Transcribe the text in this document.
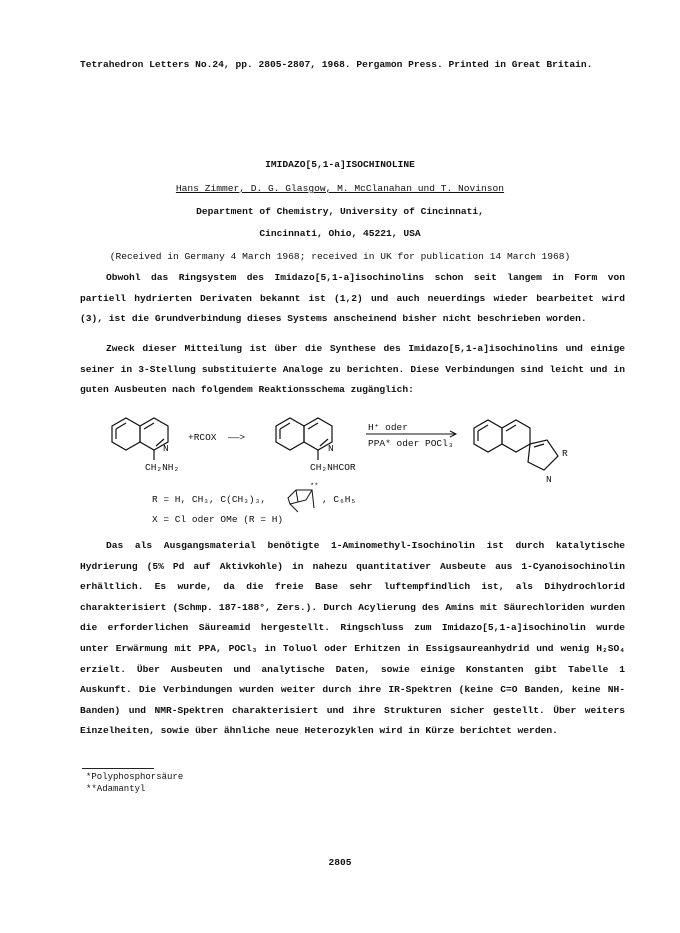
Tetrahedron Letters No.24, pp. 2805-2807, 1968. Pergamon Press. Printed in Great Britain.
IMIDAZO[5,1-a]ISOCHINOLINE
Hans Zimmer, D. G. Glasgow, M. McClanahan und T. Novinson
Department of Chemistry, University of Cincinnati,
Cincinnati, Ohio, 45221, USA
(Received in Germany 4 March 1968; received in UK for publication 14 March 1968)

Obwohl das Ringsystem des Imidazo[5,1-a]isochinolins schon seit langem in Form von partiell hydrierten Derivaten bekannt ist (1,2) und auch neuerdings wieder bearbeitet wird (3), ist die Grundverbindung dieses Systems anscheinend bisher nicht beschrieben worden.

Zweck dieser Mitteilung ist über die Synthese des Imidazo[5,1-a]isochinolins und einige seiner in 3-Stellung substituierte Analoge zu berichten. Diese Verbindungen sind leicht und in guten Ausbeuten nach folgendem Reaktionsschema zugänglich:

N
CH₂NH₂
+RCOX ——>
N
CH₂NHCOR
H⁺ oder
PPA* oder POCl₃
R
N
R = H, CH₃, C(CH₃)₃,
**
, C₆H₅
X = Cl oder OMe (R = H)

Das als Ausgangsmaterial benötigte 1-Aminomethyl-Isochinolin ist durch katalytische Hydrierung (5% Pd auf Aktivkohle) in nahezu quantitativer Ausbeute aus 1-Cyanoisochinolin erhältlich. Es wurde, da die freie Base sehr luftempfindlich ist, als Dihydrochlorid charakterisiert (Schmp. 187-188°, Zers.). Durch Acylierung des Amins mit Säurechloriden wurden die erforderlichen Säureamid hergestellt. Ringschluss zum Imidazo[5,1-a]isochinolin wurde unter Erwärmung mit PPA, POCl₃ in Toluol oder Erhitzen in Essigsaureanhydrid und wenig H₂SO₄ erzielt. Über Ausbeuten und analytische Daten, sowie einige Konstanten gibt Tabelle 1 Auskunft. Die Verbindungen wurden weiter durch ihre IR-Spektren (keine C=O Banden, keine NH-Banden) und NMR-Spektren charakterisiert und ihre Strukturen sicher gestellt. Über weiters Einzelheiten, sowie über ähnliche neue Heterozyklen wird in Kürze berichtet werden.

*Polyphosphorsäure
**Adamantyl
2805
